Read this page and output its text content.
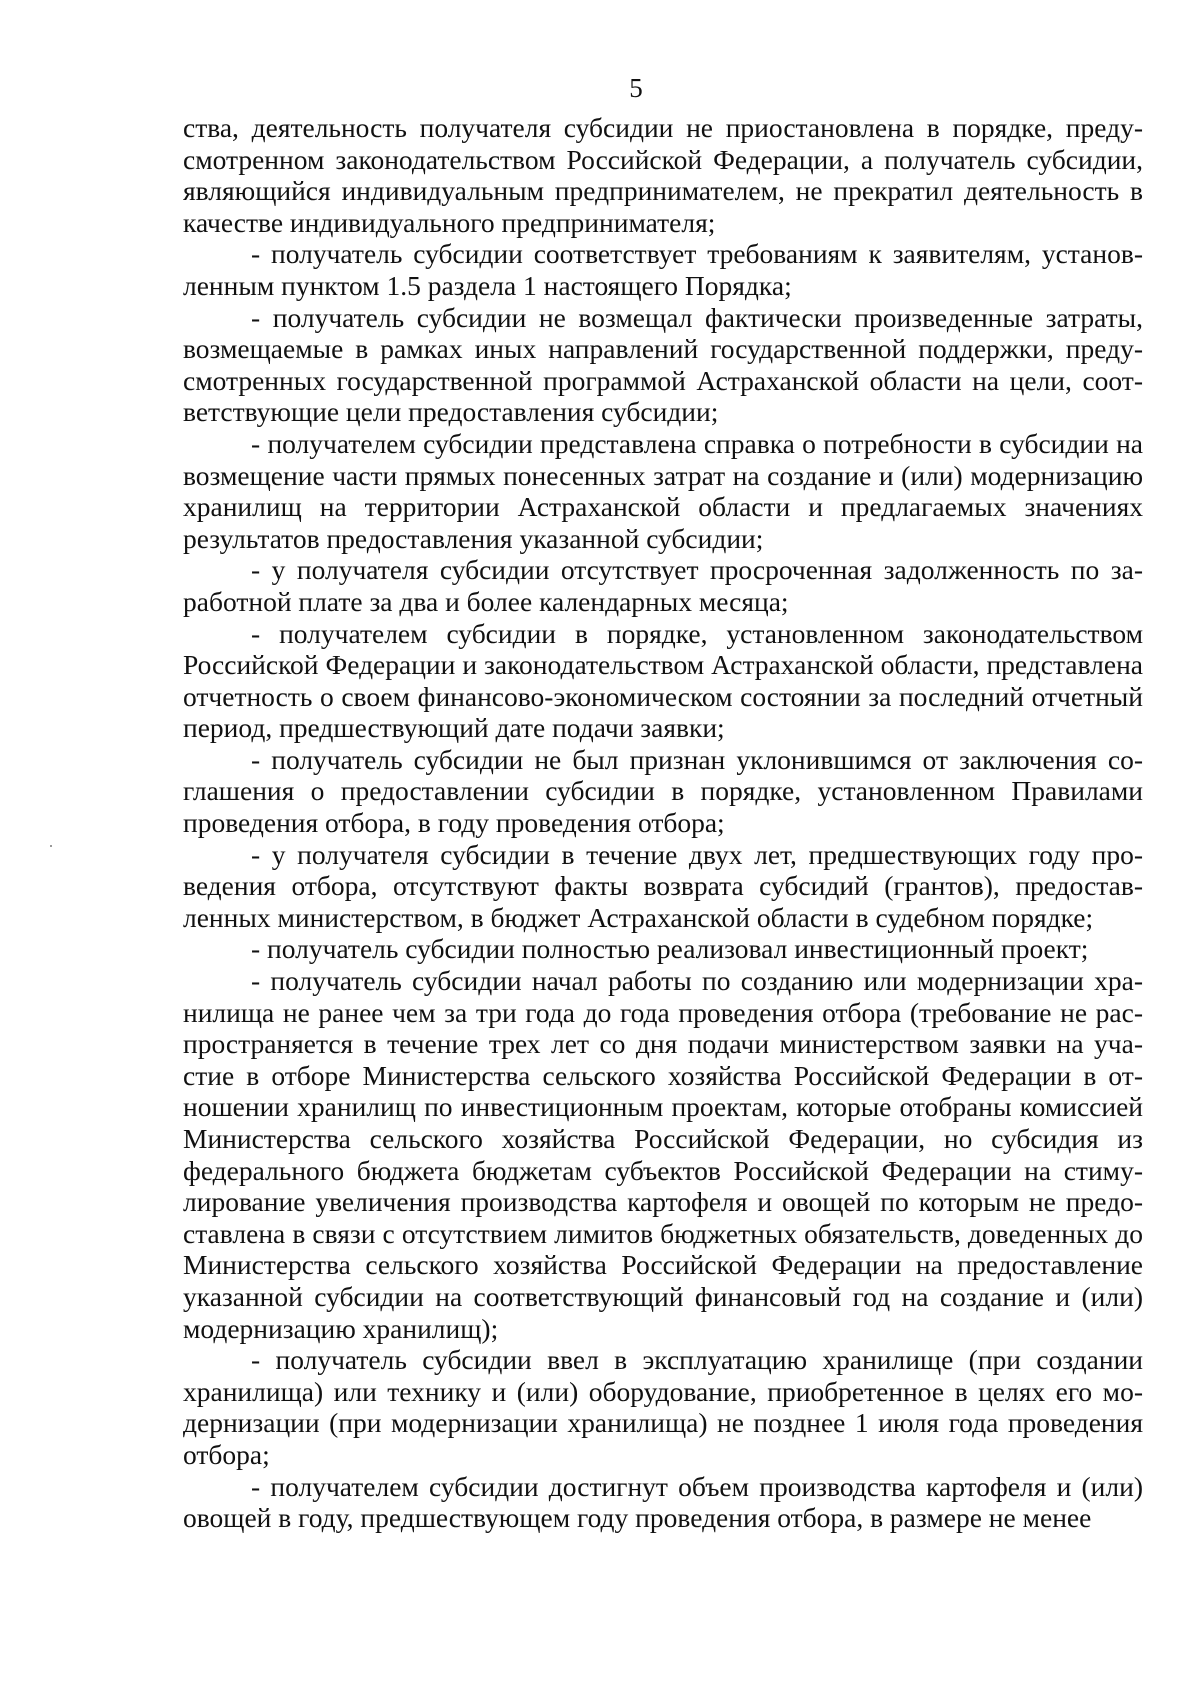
5

ства, деятельность получателя субсидии не приостановлена в порядке, предусмотренном законодательством Российской Федерации, а получатель субсидии, являющийся индивидуальным предпринимателем, не прекратил деятельность в качестве индивидуального предпринимателя;

- получатель субсидии соответствует требованиям к заявителям, установленным пунктом 1.5 раздела 1 настоящего Порядка;

- получатель субсидии не возмещал фактически произведенные затраты, возмещаемые в рамках иных направлений государственной поддержки, предусмотренных государственной программой Астраханской области на цели, соответствующие цели предоставления субсидии;

- получателем субсидии представлена справка о потребности в субсидии на возмещение части прямых понесенных затрат на создание и (или) модернизацию хранилищ на территории Астраханской области и предлагаемых значениях результатов предоставления указанной субсидии;

- у получателя субсидии отсутствует просроченная задолженность по заработной плате за два и более календарных месяца;

- получателем субсидии в порядке, установленном законодательством Российской Федерации и законодательством Астраханской области, представлена отчетность о своем финансово-экономическом состоянии за последний отчетный период, предшествующий дате подачи заявки;

- получатель субсидии не был признан уклонившимся от заключения соглашения о предоставлении субсидии в порядке, установленном Правилами проведения отбора, в году проведения отбора;

- у получателя субсидии в течение двух лет, предшествующих году проведения отбора, отсутствуют факты возврата субсидий (грантов), предоставленных министерством, в бюджет Астраханской области в судебном порядке;

- получатель субсидии полностью реализовал инвестиционный проект;

- получатель субсидии начал работы по созданию или модернизации хранилища не ранее чем за три года до года проведения отбора (требование не распространяется в течение трех лет со дня подачи министерством заявки на участие в отборе Министерства сельского хозяйства Российской Федерации в отношении хранилищ по инвестиционным проектам, которые отобраны комиссией Министерства сельского хозяйства Российской Федерации, но субсидия из федерального бюджета бюджетам субъектов Российской Федерации на стимулирование увеличения производства картофеля и овощей по которым не предоставлена в связи с отсутствием лимитов бюджетных обязательств, доведенных до Министерства сельского хозяйства Российской Федерации на предоставление указанной субсидии на соответствующий финансовый год на создание и (или) модернизацию хранилищ);

- получатель субсидии ввел в эксплуатацию хранилище (при создании хранилища) или технику и (или) оборудование, приобретенное в целях его модернизации (при модернизации хранилища) не позднее 1 июля года проведения отбора;

- получателем субсидии достигнут объем производства картофеля и (или) овощей в году, предшествующем году проведения отбора, в размере не менее
